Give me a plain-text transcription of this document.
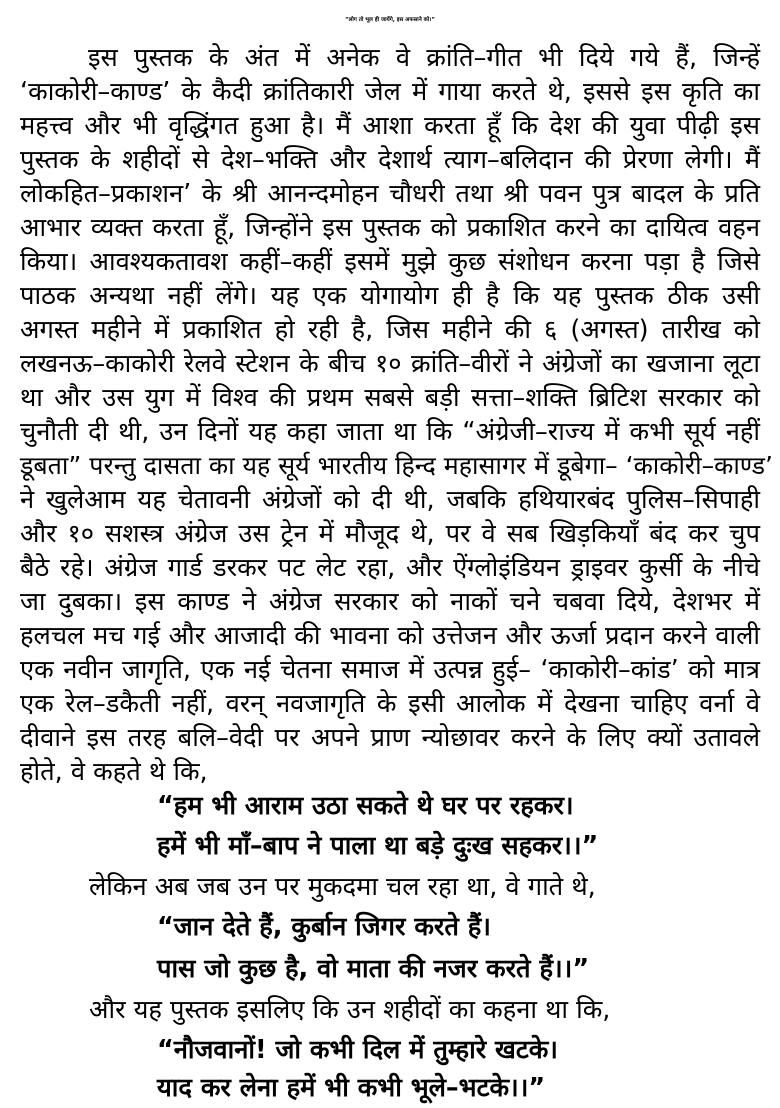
“लोग तो भूल ही जायेंगे, इस अफसाने को।”
इस पुस्तक के अंत में अनेक वे क्रांति–गीत भी दिये गये हैं, जिन्हें
‘काकोरी–काण्ड’ के कैदी क्रांतिकारी जेल में गाया करते थे, इससे इस कृति का
महत्त्व और भी वृद्धिंगत हुआ है। मैं आशा करता हूँ कि देश की युवा पीढ़ी इस
पुस्तक के शहीदों से देश–भक्ति और देशार्थ त्याग–बलिदान की प्रेरणा लेगी। मैं
लोकहित–प्रकाशन’ के श्री आनन्दमोहन चौधरी तथा श्री पवन पुत्र बादल के प्रति
आभार व्यक्त करता हूँ, जिन्होंने इस पुस्तक को प्रकाशित करने का दायित्व वहन
किया। आवश्यकतावश कहीं–कहीं इसमें मुझे कुछ संशोधन करना पड़ा है जिसे
पाठक अन्यथा नहीं लेंगे। यह एक योगायोग ही है कि यह पुस्तक ठीक उसी
अगस्त महीने में प्रकाशित हो रही है, जिस महीने की ६ (अगस्त) तारीख को
लखनऊ–काकोरी रेलवे स्टेशन के बीच १० क्रांति–वीरों ने अंग्रेजों का खजाना लूटा
था और उस युग में विश्व की प्रथम सबसे बड़ी सत्ता–शक्ति ब्रिटिश सरकार को
चुनौती दी थी, उन दिनों यह कहा जाता था कि “अंग्रेजी–राज्य में कभी सूर्य नहीं
डूबता” परन्तु दासता का यह सूर्य भारतीय हिन्द महासागर में डूबेगा– ‘काकोरी–काण्ड’
ने खुलेआम यह चेतावनी अंग्रेजों को दी थी, जबकि हथियारबंद पुलिस–सिपाही
और १० सशस्त्र अंग्रेज उस ट्रेन में मौजूद थे, पर वे सब खिड़कियाँ बंद कर चुप
बैठे रहे। अंग्रेज गार्ड डरकर पट लेट रहा, और ऐंग्लोइंडियन ड्राइवर कुर्सी के नीचे
जा दुबका। इस काण्ड ने अंग्रेज सरकार को नाकों चने चबवा दिये, देशभर में
हलचल मच गई और आजादी की भावना को उत्तेजन और ऊर्जा प्रदान करने वाली
एक नवीन जागृति, एक नई चेतना समाज में उत्पन्न हुई– ‘काकोरी–कांड’ को मात्र
एक रेल–डकैती नहीं, वरन् नवजागृति के इसी आलोक में देखना चाहिए वर्ना वे
दीवाने इस तरह बलि–वेदी पर अपने प्राण न्योछावर करने के लिए क्यों उतावले
होते, वे कहते थे कि,
“हम भी आराम उठा सकते थे घर पर रहकर।
हमें भी माँ–बाप ने पाला था बड़े दुःख सहकर।।”
लेकिन अब जब उन पर मुकदमा चल रहा था, वे गाते थे,
“जान देते हैं, कुर्बान जिगर करते हैं।
पास जो कुछ है, वो माता की नजर करते हैं।।”
और यह पुस्तक इसलिए कि उन शहीदों का कहना था कि,
“नौजवानों! जो कभी दिल में तुम्हारे खटके।
याद कर लेना हमें भी कभी भूले–भटके।।”
